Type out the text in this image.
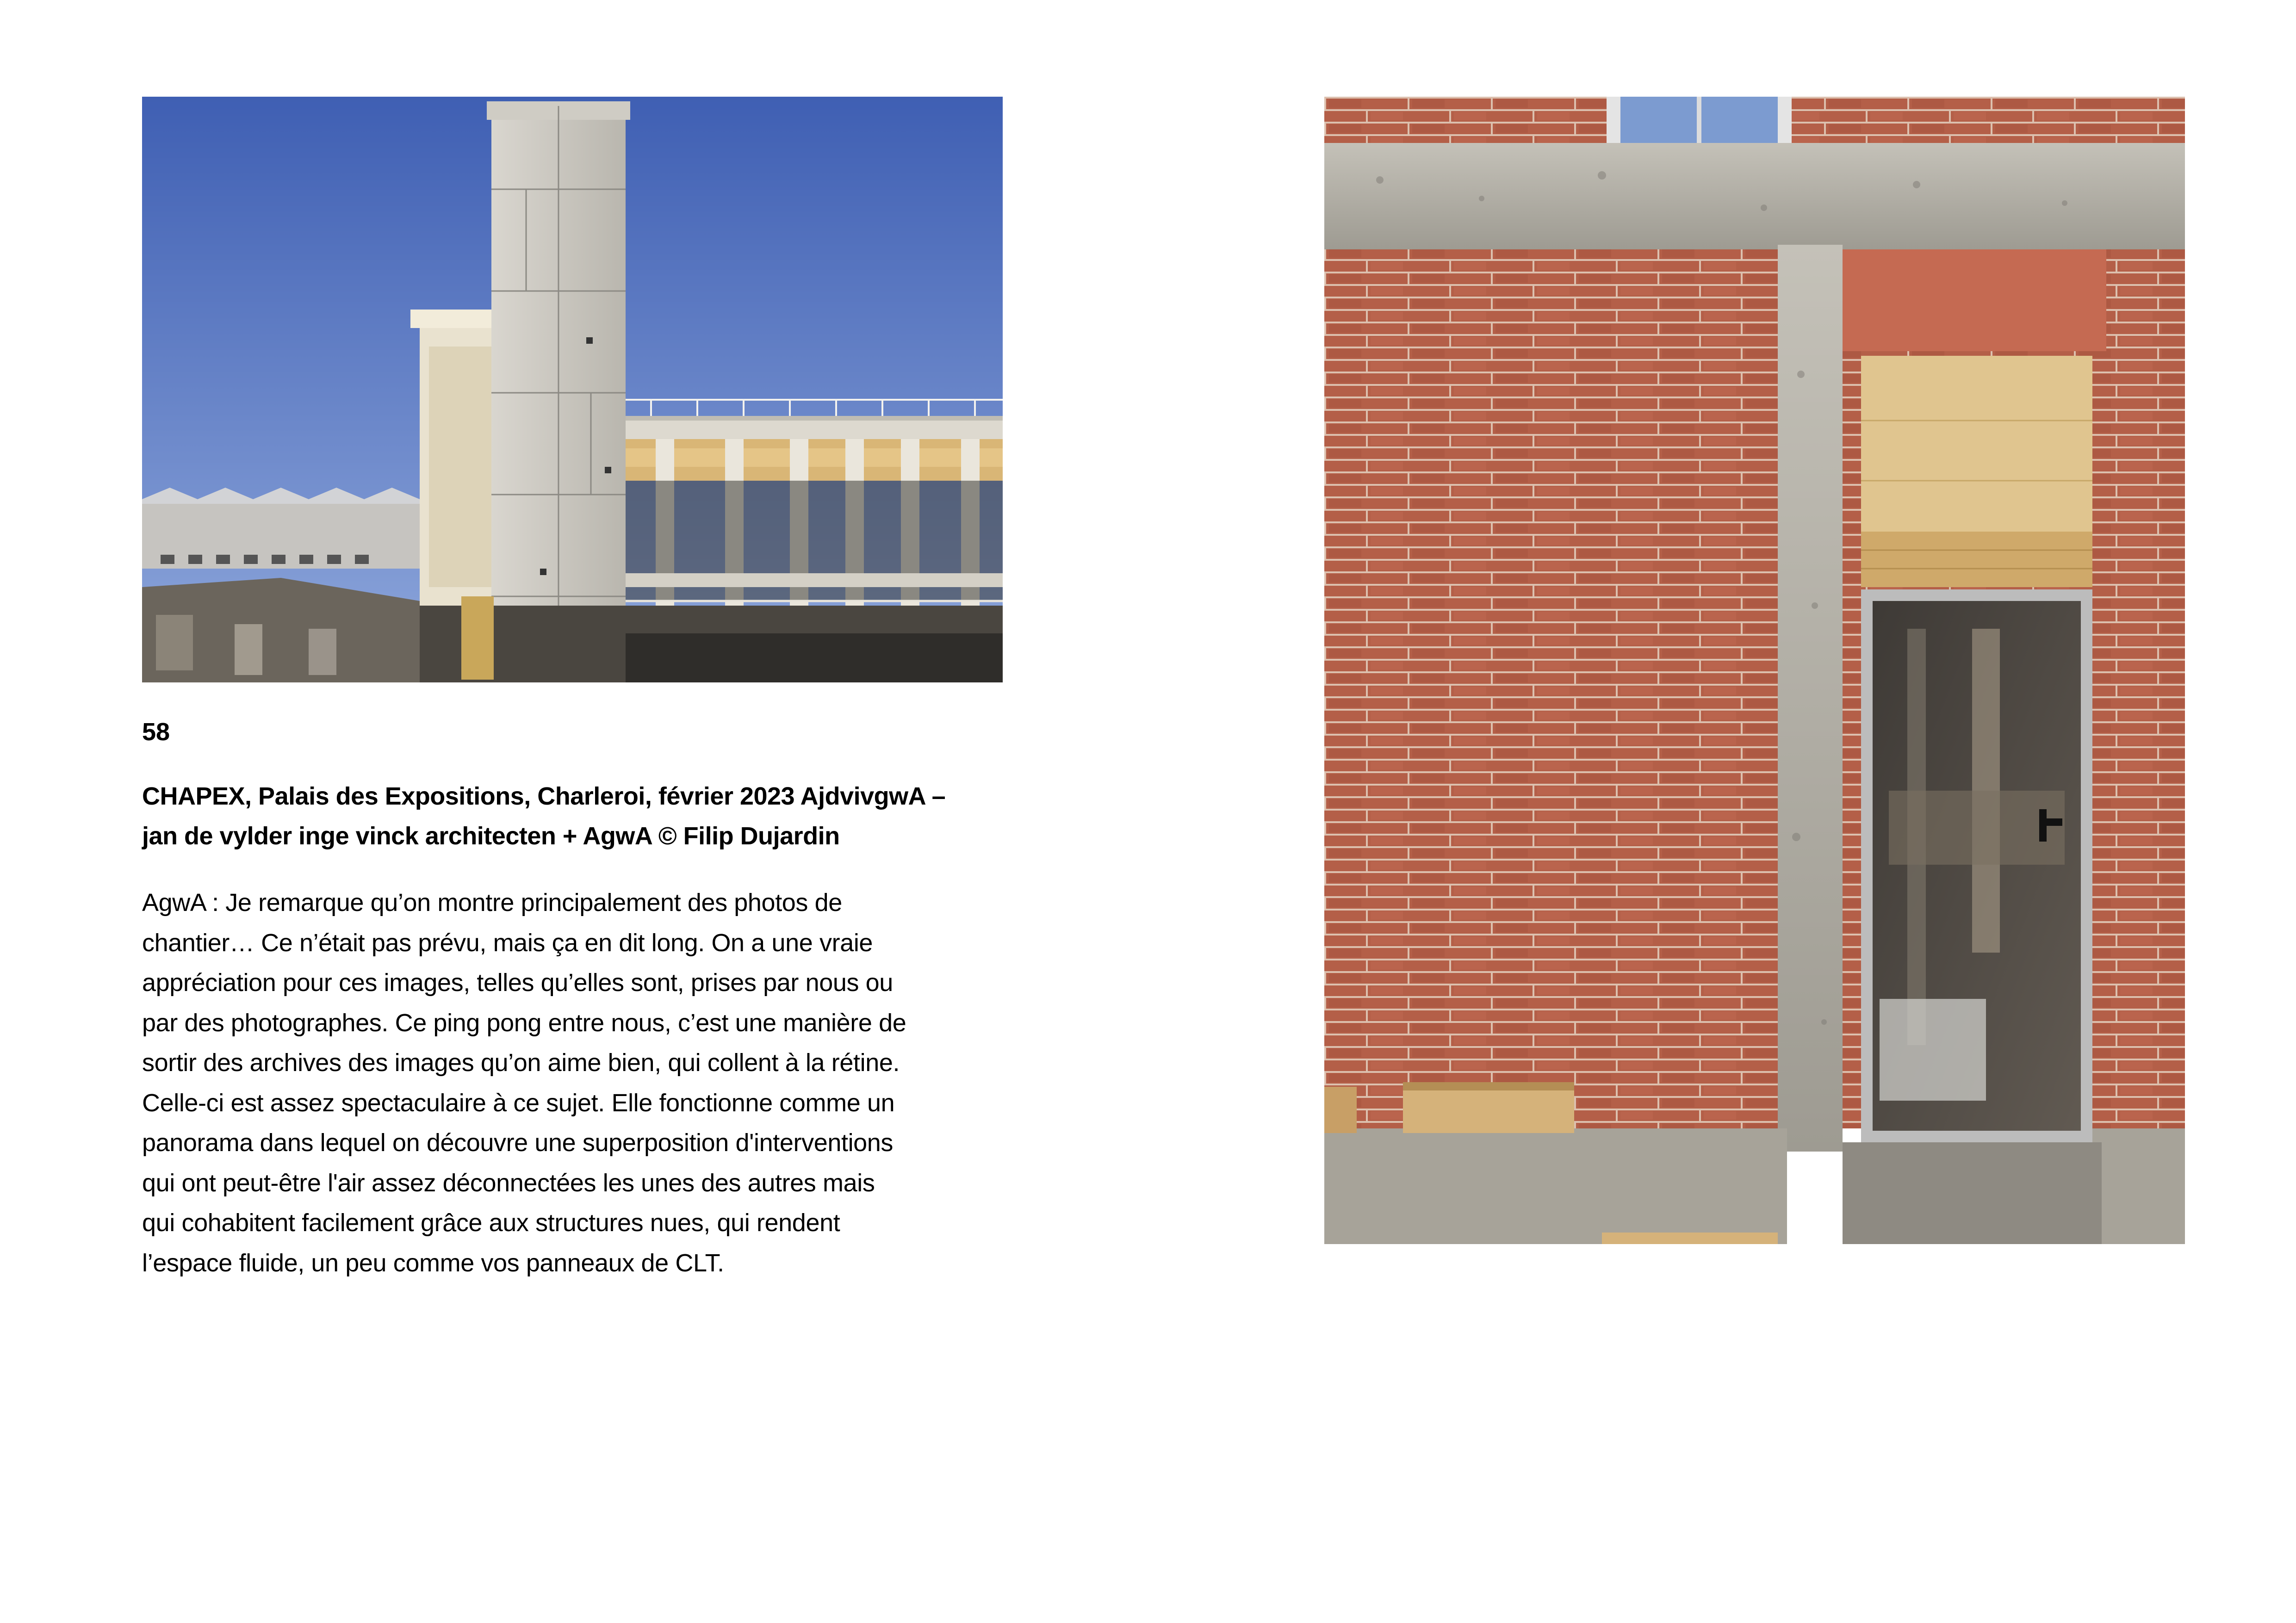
58
CHAPEX, Palais des Expositions, Charleroi, février 2023 AjdvivgwA –
jan de vylder inge vinck architecten + AgwA © Filip Dujardin
AgwA : Je remarque qu’on montre principalement des photos de
chantier… Ce n’était pas prévu, mais ça en dit long. On a une vraie
appréciation pour ces images, telles qu’elles sont, prises par nous ou
par des photographes. Ce ping pong entre nous, c’est une manière de
sortir des archives des images qu’on aime bien, qui collent à la rétine.
Celle-ci est assez spectaculaire à ce sujet. Elle fonctionne comme un
panorama dans lequel on découvre une superposition d'interventions
qui ont peut-être l'air assez déconnectées les unes des autres mais
qui cohabitent facilement grâce aux structures nues, qui rendent
l’espace fluide, un peu comme vos panneaux de CLT.
